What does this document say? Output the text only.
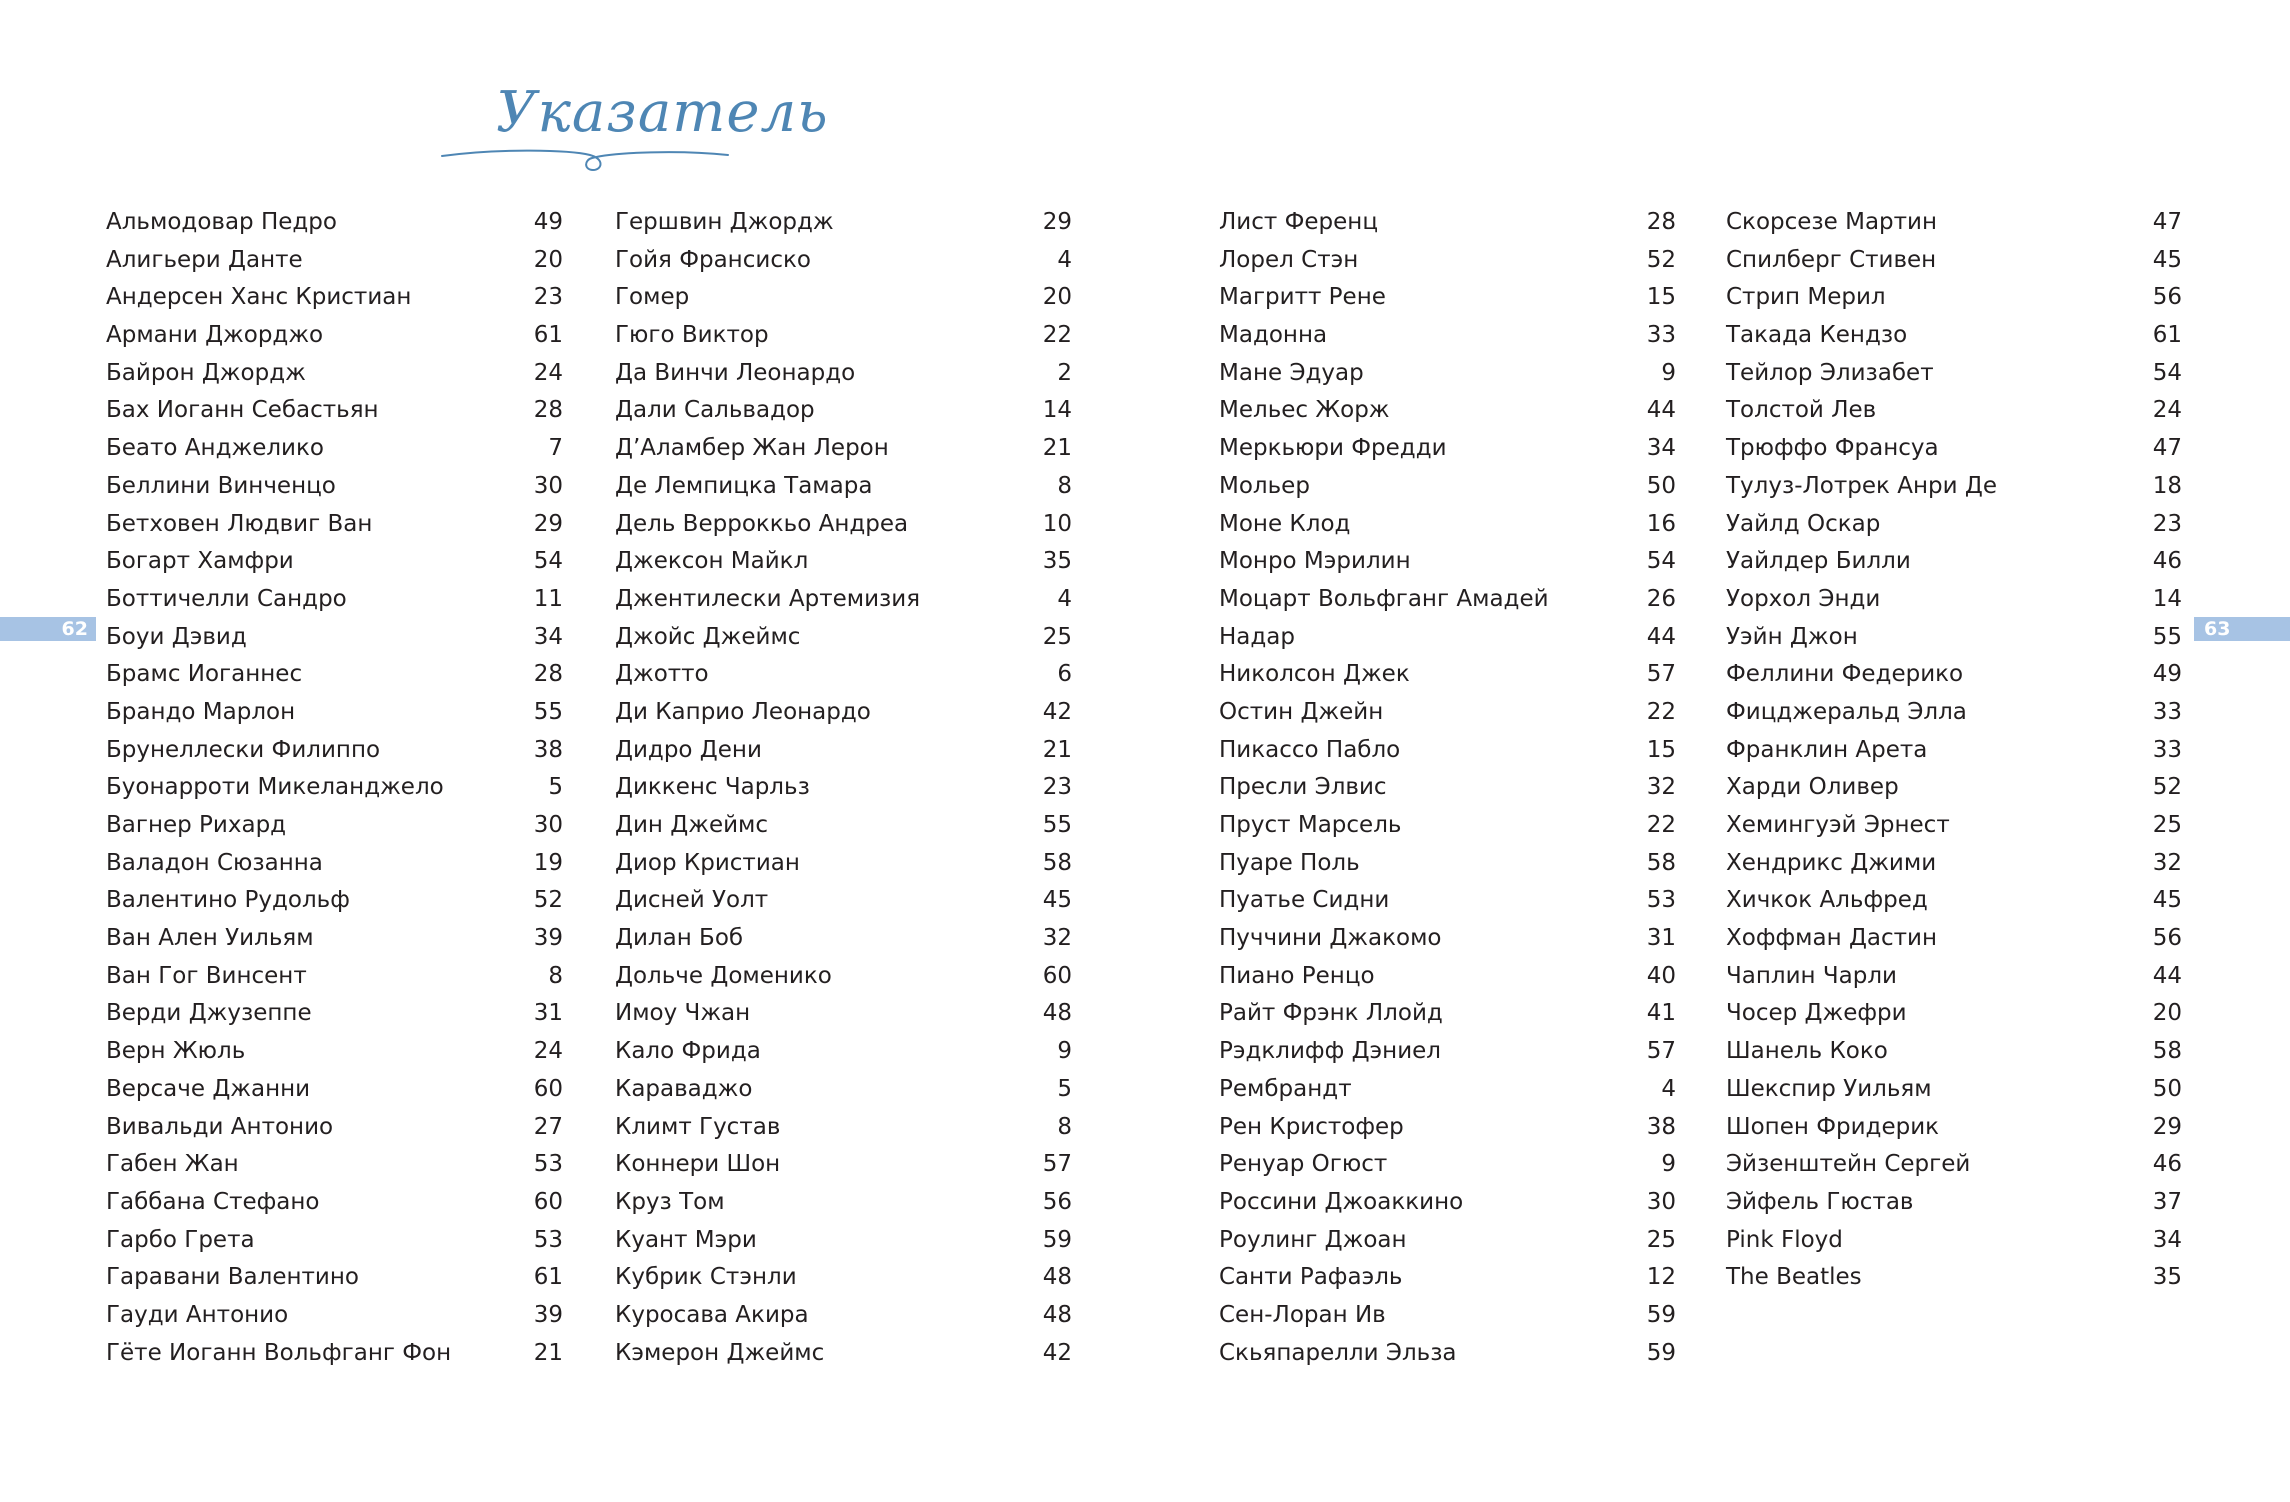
Указатель
62	63
Альмодовар Педро	49
Алигьери Данте	20
Андерсен Ханс Кристиан	23
Армани Джорджо	61
Байрон Джордж	24
Бах Иоганн Себастьян	28
Беато Анджелико	7
Беллини Винченцо	30
Бетховен Людвиг Ван	29
Богарт Хамфри	54
Боттичелли Сандро	11
Боуи Дэвид	34
Брамс Иоганнес	28
Брандо Марлон	55
Брунеллески Филиппо	38
Буонарроти Микеланджело	5
Вагнер Рихард	30
Валадон Сюзанна	19
Валентино Рудольф	52
Ван Ален Уильям	39
Ван Гог Винсент	8
Верди Джузеппе	31
Верн Жюль	24
Версаче Джанни	60
Вивальди Антонио	27
Габен Жан	53
Габбана Стефано	60
Гарбо Грета	53
Гаравани Валентино	61
Гауди Антонио	39
Гёте Иоганн Вольфганг Фон	21
Гершвин Джордж	29
Гойя Франсиско	4
Гомер	20
Гюго Виктор	22
Да Винчи Леонардо	2
Дали Сальвадор	14
Д’Аламбер Жан Лерон	21
Де Лемпицка Тамара	8
Дель Верроккьо Андреа	10
Джексон Майкл	35
Джентилески Артемизия	4
Джойс Джеймс	25
Джотто	6
Ди Каприо Леонардо	42
Дидро Дени	21
Диккенс Чарльз	23
Дин Джеймс	55
Диор Кристиан	58
Дисней Уолт	45
Дилан Боб	32
Дольче Доменико	60
Имоу Чжан	48
Кало Фрида	9
Караваджо	5
Климт Густав	8
Коннери Шон	57
Круз Том	56
Куант Мэри	59
Кубрик Стэнли	48
Куросава Акира	48
Кэмерон Джеймс	42
Лист Ференц	28
Лорел Стэн	52
Магритт Рене	15
Мадонна	33
Мане Эдуар	9
Мельес Жорж	44
Меркьюри Фредди	34
Мольер	50
Моне Клод	16
Монро Мэрилин	54
Моцарт Вольфганг Амадей	26
Надар	44
Николсон Джек	57
Остин Джейн	22
Пикассо Пабло	15
Пресли Элвис	32
Пруст Марсель	22
Пуаре Поль	58
Пуатье Сидни	53
Пуччини Джакомо	31
Пиано Ренцо	40
Райт Фрэнк Ллойд	41
Рэдклифф Дэниел	57
Рембрандт	4
Рен Кристофер	38
Ренуар Огюст	9
Россини Джоаккино	30
Роулинг Джоан	25
Санти Рафаэль	12
Сен-Лоран Ив	59
Скьяпарелли Эльза	59
Скорсезе Мартин	47
Спилберг Стивен	45
Стрип Мерил	56
Такада Кендзо	61
Тейлор Элизабет	54
Толстой Лев	24
Трюффо Франсуа	47
Тулуз-Лотрек Анри Де	18
Уайлд Оскар	23
Уайлдер Билли	46
Уорхол Энди	14
Уэйн Джон	55
Феллини Федерико	49
Фицджеральд Элла	33
Франклин Арета	33
Харди Оливер	52
Хемингуэй Эрнест	25
Хендрикс Джими	32
Хичкок Альфред	45
Хоффман Дастин	56
Чаплин Чарли	44
Чосер Джефри	20
Шанель Коко	58
Шекспир Уильям	50
Шопен Фридерик	29
Эйзенштейн Сергей	46
Эйфель Гюстав	37
Pink Floyd	34
The Beatles	35
